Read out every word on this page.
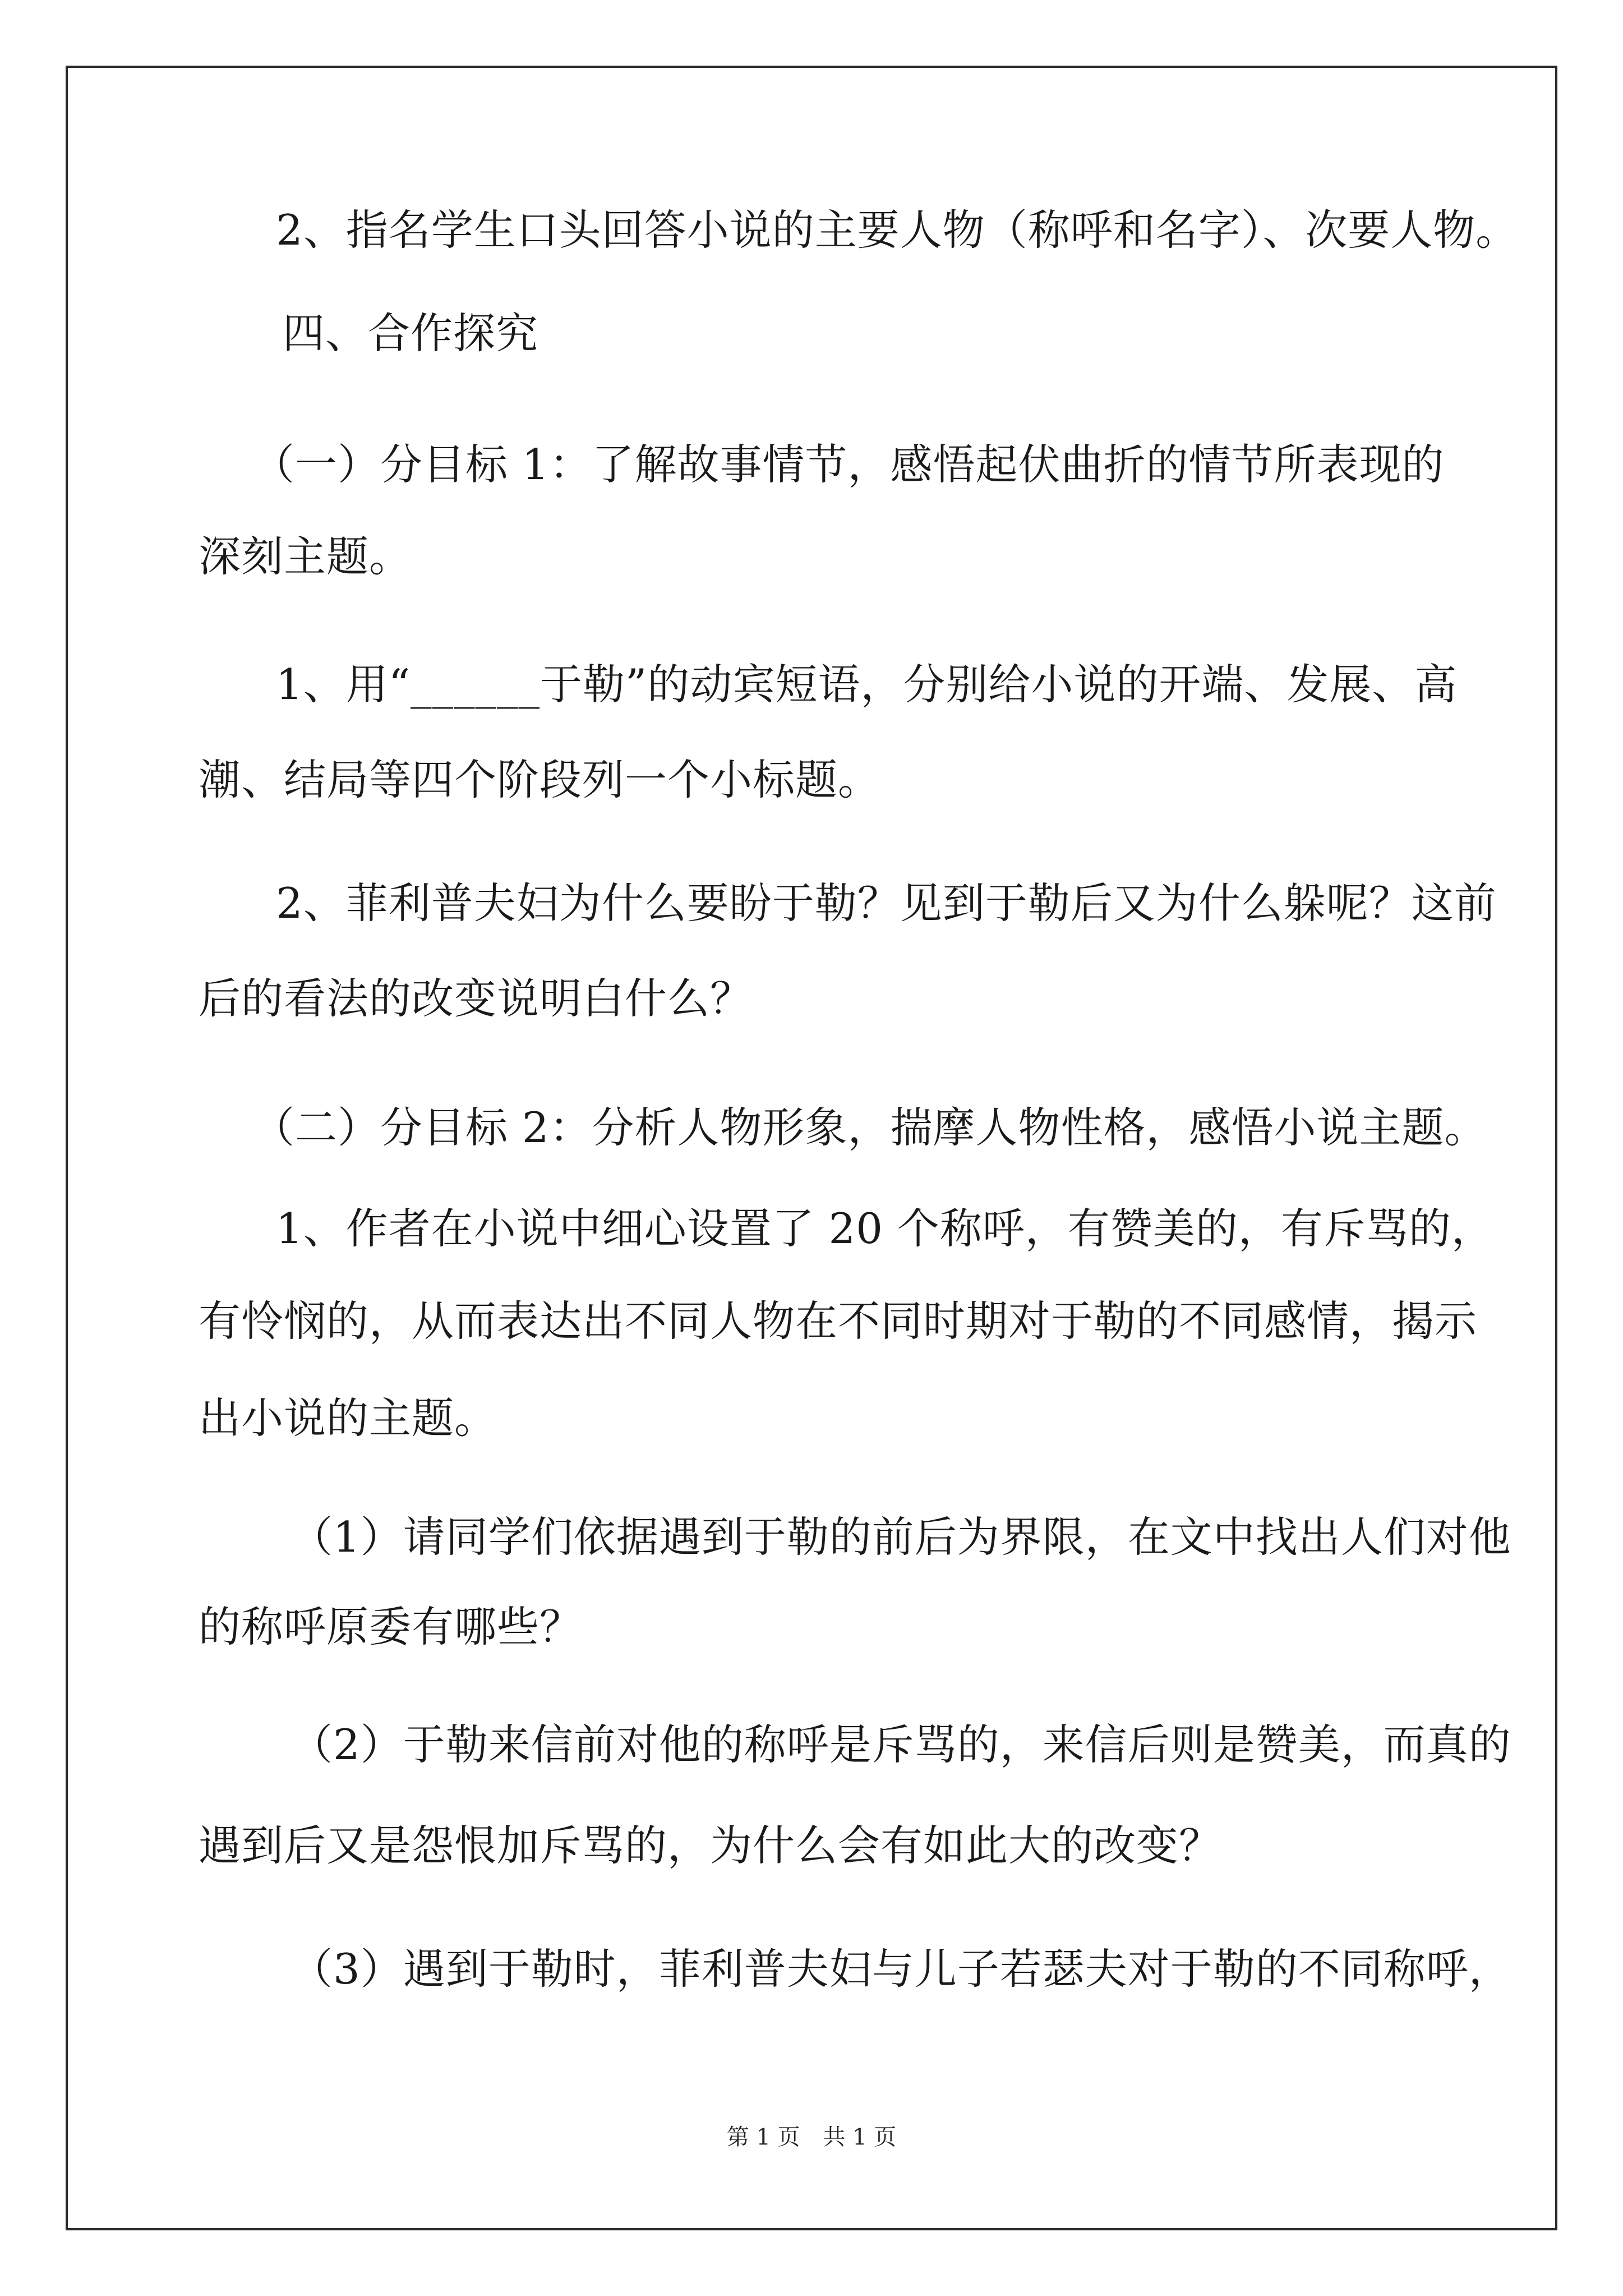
2、指名学生口头回答小说的主要人物（称呼和名字）、次要人物。
四、合作探究
（一）分目标 1：了解故事情节，感悟起伏曲折的情节所表现的
深刻主题。
1、用“______于勒”的动宾短语，分别给小说的开端、发展、高
潮、结局等四个阶段列一个小标题。
2、菲利普夫妇为什么要盼于勒？见到于勒后又为什么躲呢？这前
后的看法的改变说明白什么？
（二）分目标 2：分析人物形象，揣摩人物性格，感悟小说主题。
1、作者在小说中细心设置了 20 个称呼，有赞美的，有斥骂的，
有怜悯的，从而表达出不同人物在不同时期对于勒的不同感情，揭示
出小说的主题。
（1）请同学们依据遇到于勒的前后为界限，在文中找出人们对他
的称呼原委有哪些？
（2）于勒来信前对他的称呼是斥骂的，来信后则是赞美，而真的
遇到后又是怨恨加斥骂的，为什么会有如此大的改变？
（3）遇到于勒时，菲利普夫妇与儿子若瑟夫对于勒的不同称呼，
第 1 页 共 1 页
